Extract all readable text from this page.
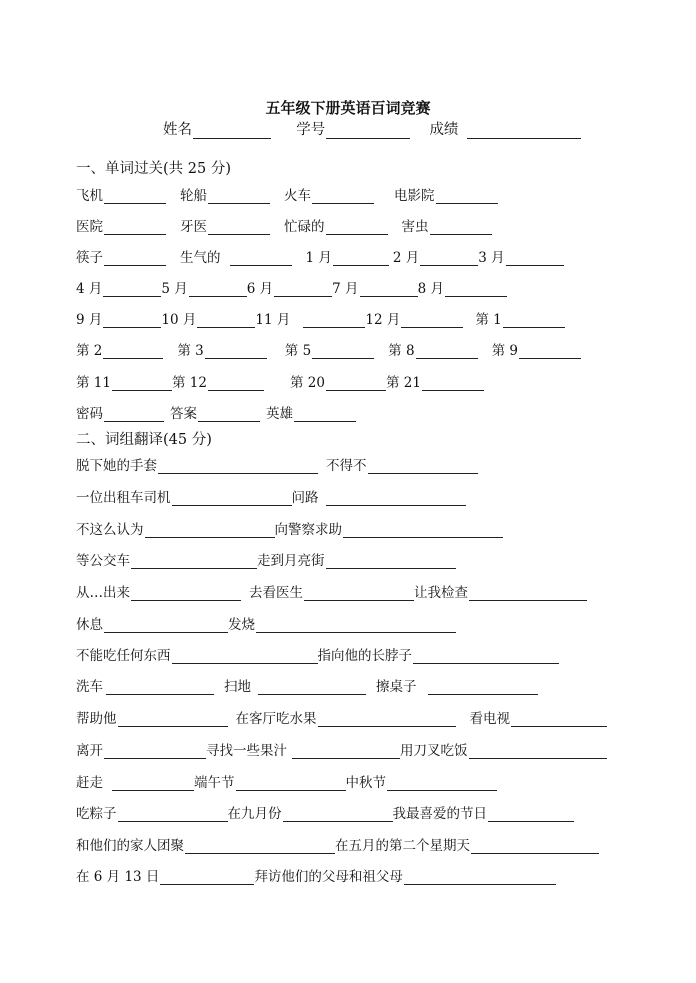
五年级下册英语百词竞赛
姓名	学号	成绩
一、单词过关(共 25 分)
飞机	轮船	火车	电影院
医院	牙医	忙碌的	害虫
筷子	生气的	1 月	2 月	3 月
4 月	5 月	6 月	7 月	8 月
9 月	10 月	11 月	12 月	第 1
第 2	第 3	第 5	第 8	第 9
第 11	第 12	第 20	第 21
密码	答案	英雄
二、词组翻译(45 分)
脱下她的手套	不得不
一位出租车司机	问路
不这么认为	向警察求助
等公交车	走到月亮街
从…出来	去看医生	让我检查
休息	发烧
不能吃任何东西	指向他的长脖子
洗车	扫地	擦桌子
帮助他	在客厅吃水果	看电视
离开	寻找一些果汁	用刀叉吃饭
赶走	端午节	中秋节
吃粽子	在九月份	我最喜爱的节日
和他们的家人团聚	在五月的第二个星期天
在 6 月 13 日	拜访他们的父母和祖父母
